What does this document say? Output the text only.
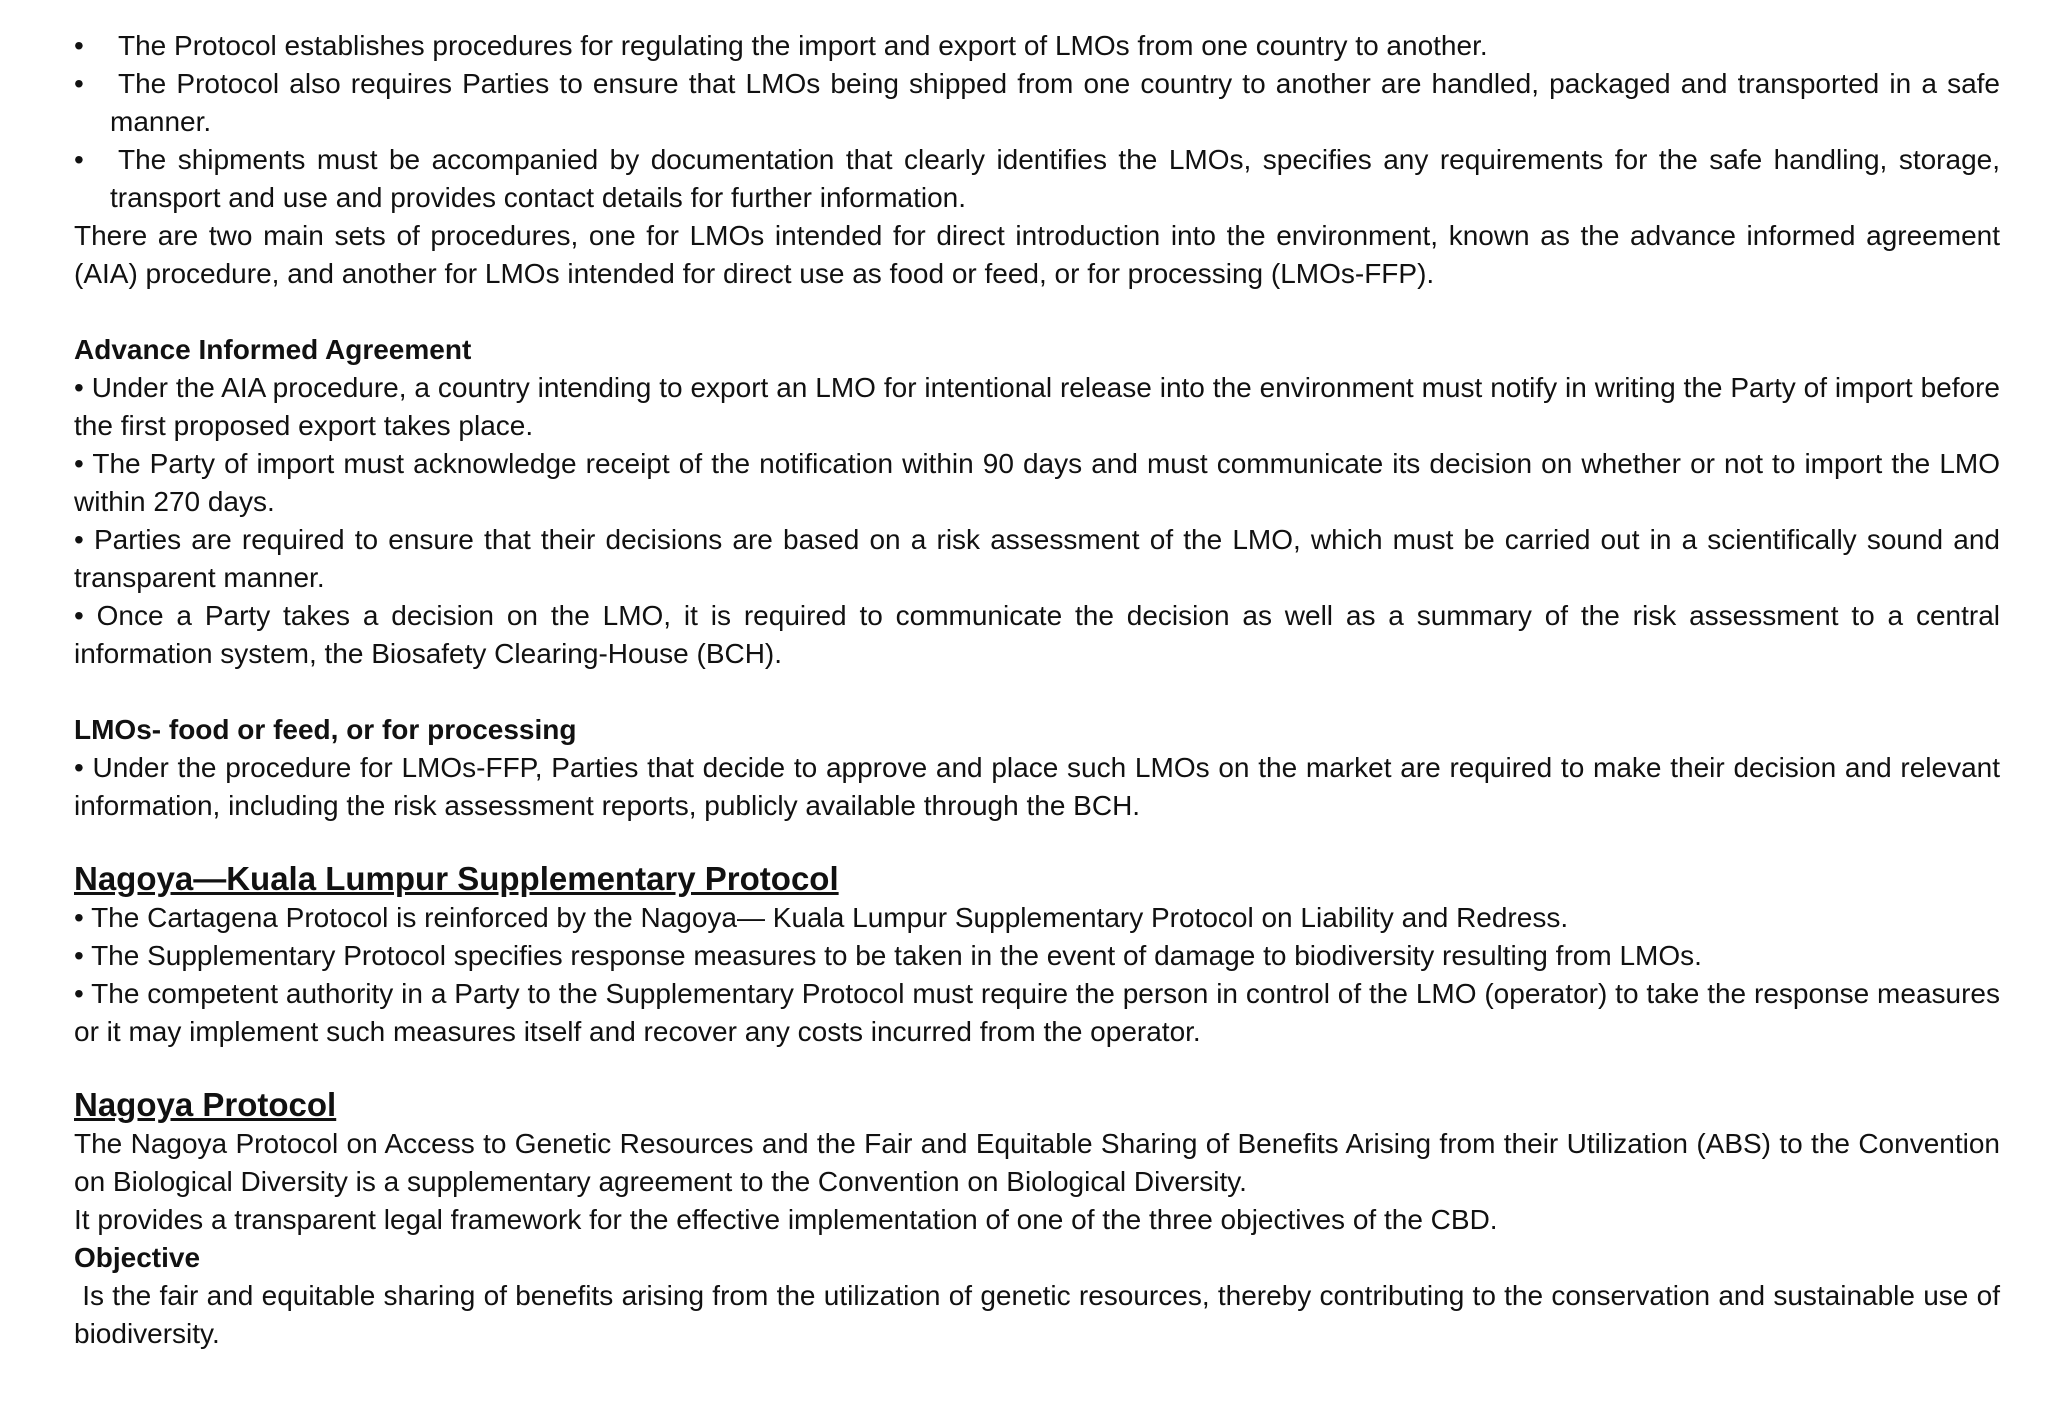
•	The Protocol establishes procedures for regulating the import and export of LMOs from one country to another.
•	The Protocol also requires Parties to ensure that LMOs being shipped from one country to another are handled, packaged and transported in a safe manner.
•	The shipments must be accompanied by documentation that clearly identifies the LMOs, specifies any requirements for the safe handling, storage, transport and use and provides contact details for further information.
There are two main sets of procedures, one for LMOs intended for direct introduction into the environment, known as the advance informed agreement (AIA) procedure, and another for LMOs intended for direct use as food or feed, or for processing (LMOs-FFP).
Advance Informed Agreement
• Under the AIA procedure, a country intending to export an LMO for intentional release into the environment must notify in writing the Party of import before the first proposed export takes place.
• The Party of import must acknowledge receipt of the notification within 90 days and must communicate its decision on whether or not to import the LMO within 270 days.
• Parties are required to ensure that their decisions are based on a risk assessment of the LMO, which must be carried out in a scientifically sound and transparent manner.
• Once a Party takes a decision on the LMO, it is required to communicate the decision as well as a summary of the risk assessment to a central information system, the Biosafety Clearing-House (BCH).
LMOs- food or feed, or for processing
• Under the procedure for LMOs-FFP, Parties that decide to approve and place such LMOs on the market are required to make their decision and relevant information, including the risk assessment reports, publicly available through the BCH.
Nagoya—Kuala Lumpur Supplementary Protocol
• The Cartagena Protocol is reinforced by the Nagoya— Kuala Lumpur Supplementary Protocol on Liability and Redress.
• The Supplementary Protocol specifies response measures to be taken in the event of damage to biodiversity resulting from LMOs.
• The competent authority in a Party to the Supplementary Protocol must require the person in control of the LMO (operator) to take the response measures or it may implement such measures itself and recover any costs incurred from the operator.
Nagoya Protocol
The Nagoya Protocol on Access to Genetic Resources and the Fair and Equitable Sharing of Benefits Arising from their Utilization (ABS) to the Convention on Biological Diversity is a supplementary agreement to the Convention on Biological Diversity.
It provides a transparent legal framework for the effective implementation of one of the three objectives of the CBD.
Objective
Is the fair and equitable sharing of benefits arising from the utilization of genetic resources, thereby contributing to the conservation and sustainable use of biodiversity.
